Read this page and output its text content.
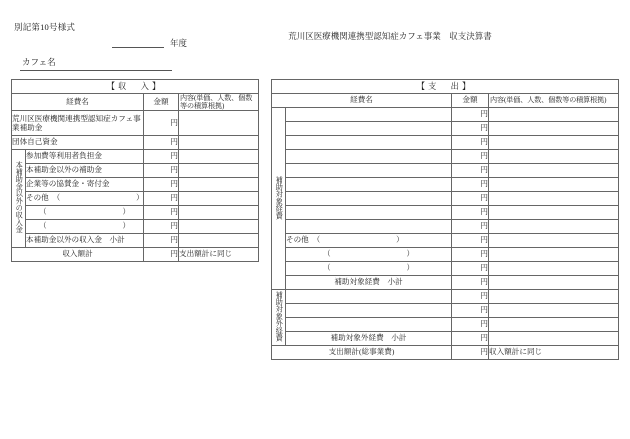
別記第10号様式
年度
カフェ名
荒川区医療機関連携型認知症カフェ事業　収支決算書
【収　入】			
経費名		金額	内容(単価、人数、個数等の積算根拠)
荒川区医療機関連携型認知症カフェ事業補助金		円	
団体自己資金		円	
本補助金以外の収入金	参加費等利用者負担金	円	
	本補助金以外の補助金	円	
	企業等の協賛金・寄付金	円	
	その他　（　　　　　　　　　　）	円	
	（　　　　　　　　　　）	円	
	（　　　　　　　　　　）	円	
	本補助金以外の収入金　小計	円	
収入額計		円	支出額計に同じ
【支　出】			
経費名		金額	内容(単価、人数、個数等の積算根拠)
補助対象経費		円	
		円	
		円	
		円	
		円	
		円	
		円	
		円	
		円	
	その他　（　　　　　　　　　　）	円	
	（　　　　　　　　　　）	円	
	（　　　　　　　　　　）	円	
	補助対象経費　小計	円	
補助対象外経費		円	
		円	
		円	
	補助対象外経費　小計	円	
支出額計(総事業費)		円	収入額計に同じ
